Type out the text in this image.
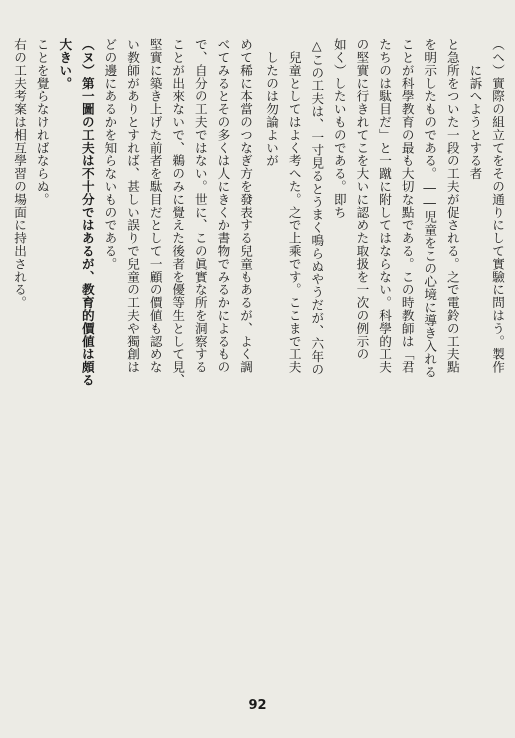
（ヘ）實際の組立てをその通りにして實驗に問はう。製作

　　に訴へようとする者

と急所をついた一段の工夫が促される。之で電鈴の工夫點

を明示したものである。――児童をこの心境に導き入れる

ことが科學教育の最も大切な點である。この時教師は「君

たちのは駄目だ」と一蹴に附してはならない。科學的工夫

の堅實に行きれてこを大いに認めた取扱を一次の例示の

如く）したいものである。即ち

△この工夫は、一寸見るとうまく鳴らぬやうだが、六年の

　兒童としてはよく考へた。之で上乘です。ここまで工夫

　したのは勿論よいが

めて稀に本當のつなぎ方を發表する兒童もあるが、よく調

べてみるとその多くは人にきくか書物でみるかによるもの

で、自分の工夫ではない。世に、この眞實な所を洞察する

ことが出來ないで、鵜のみに覺えた後者を優等生として見、

堅實に築き上げた前者を駄目だとして一顧の價値も認めな

い教師がありとすれば、甚しい誤りで兒童の工夫や獨創は

どの邊にあるかを知らないものである。

（ヌ）第一圖の工夫は不十分ではあるが、教育的價値は頗る

大きい。

ことを覺らなければならぬ。

右の工夫考案は相互學習の場面に持出される。

92
